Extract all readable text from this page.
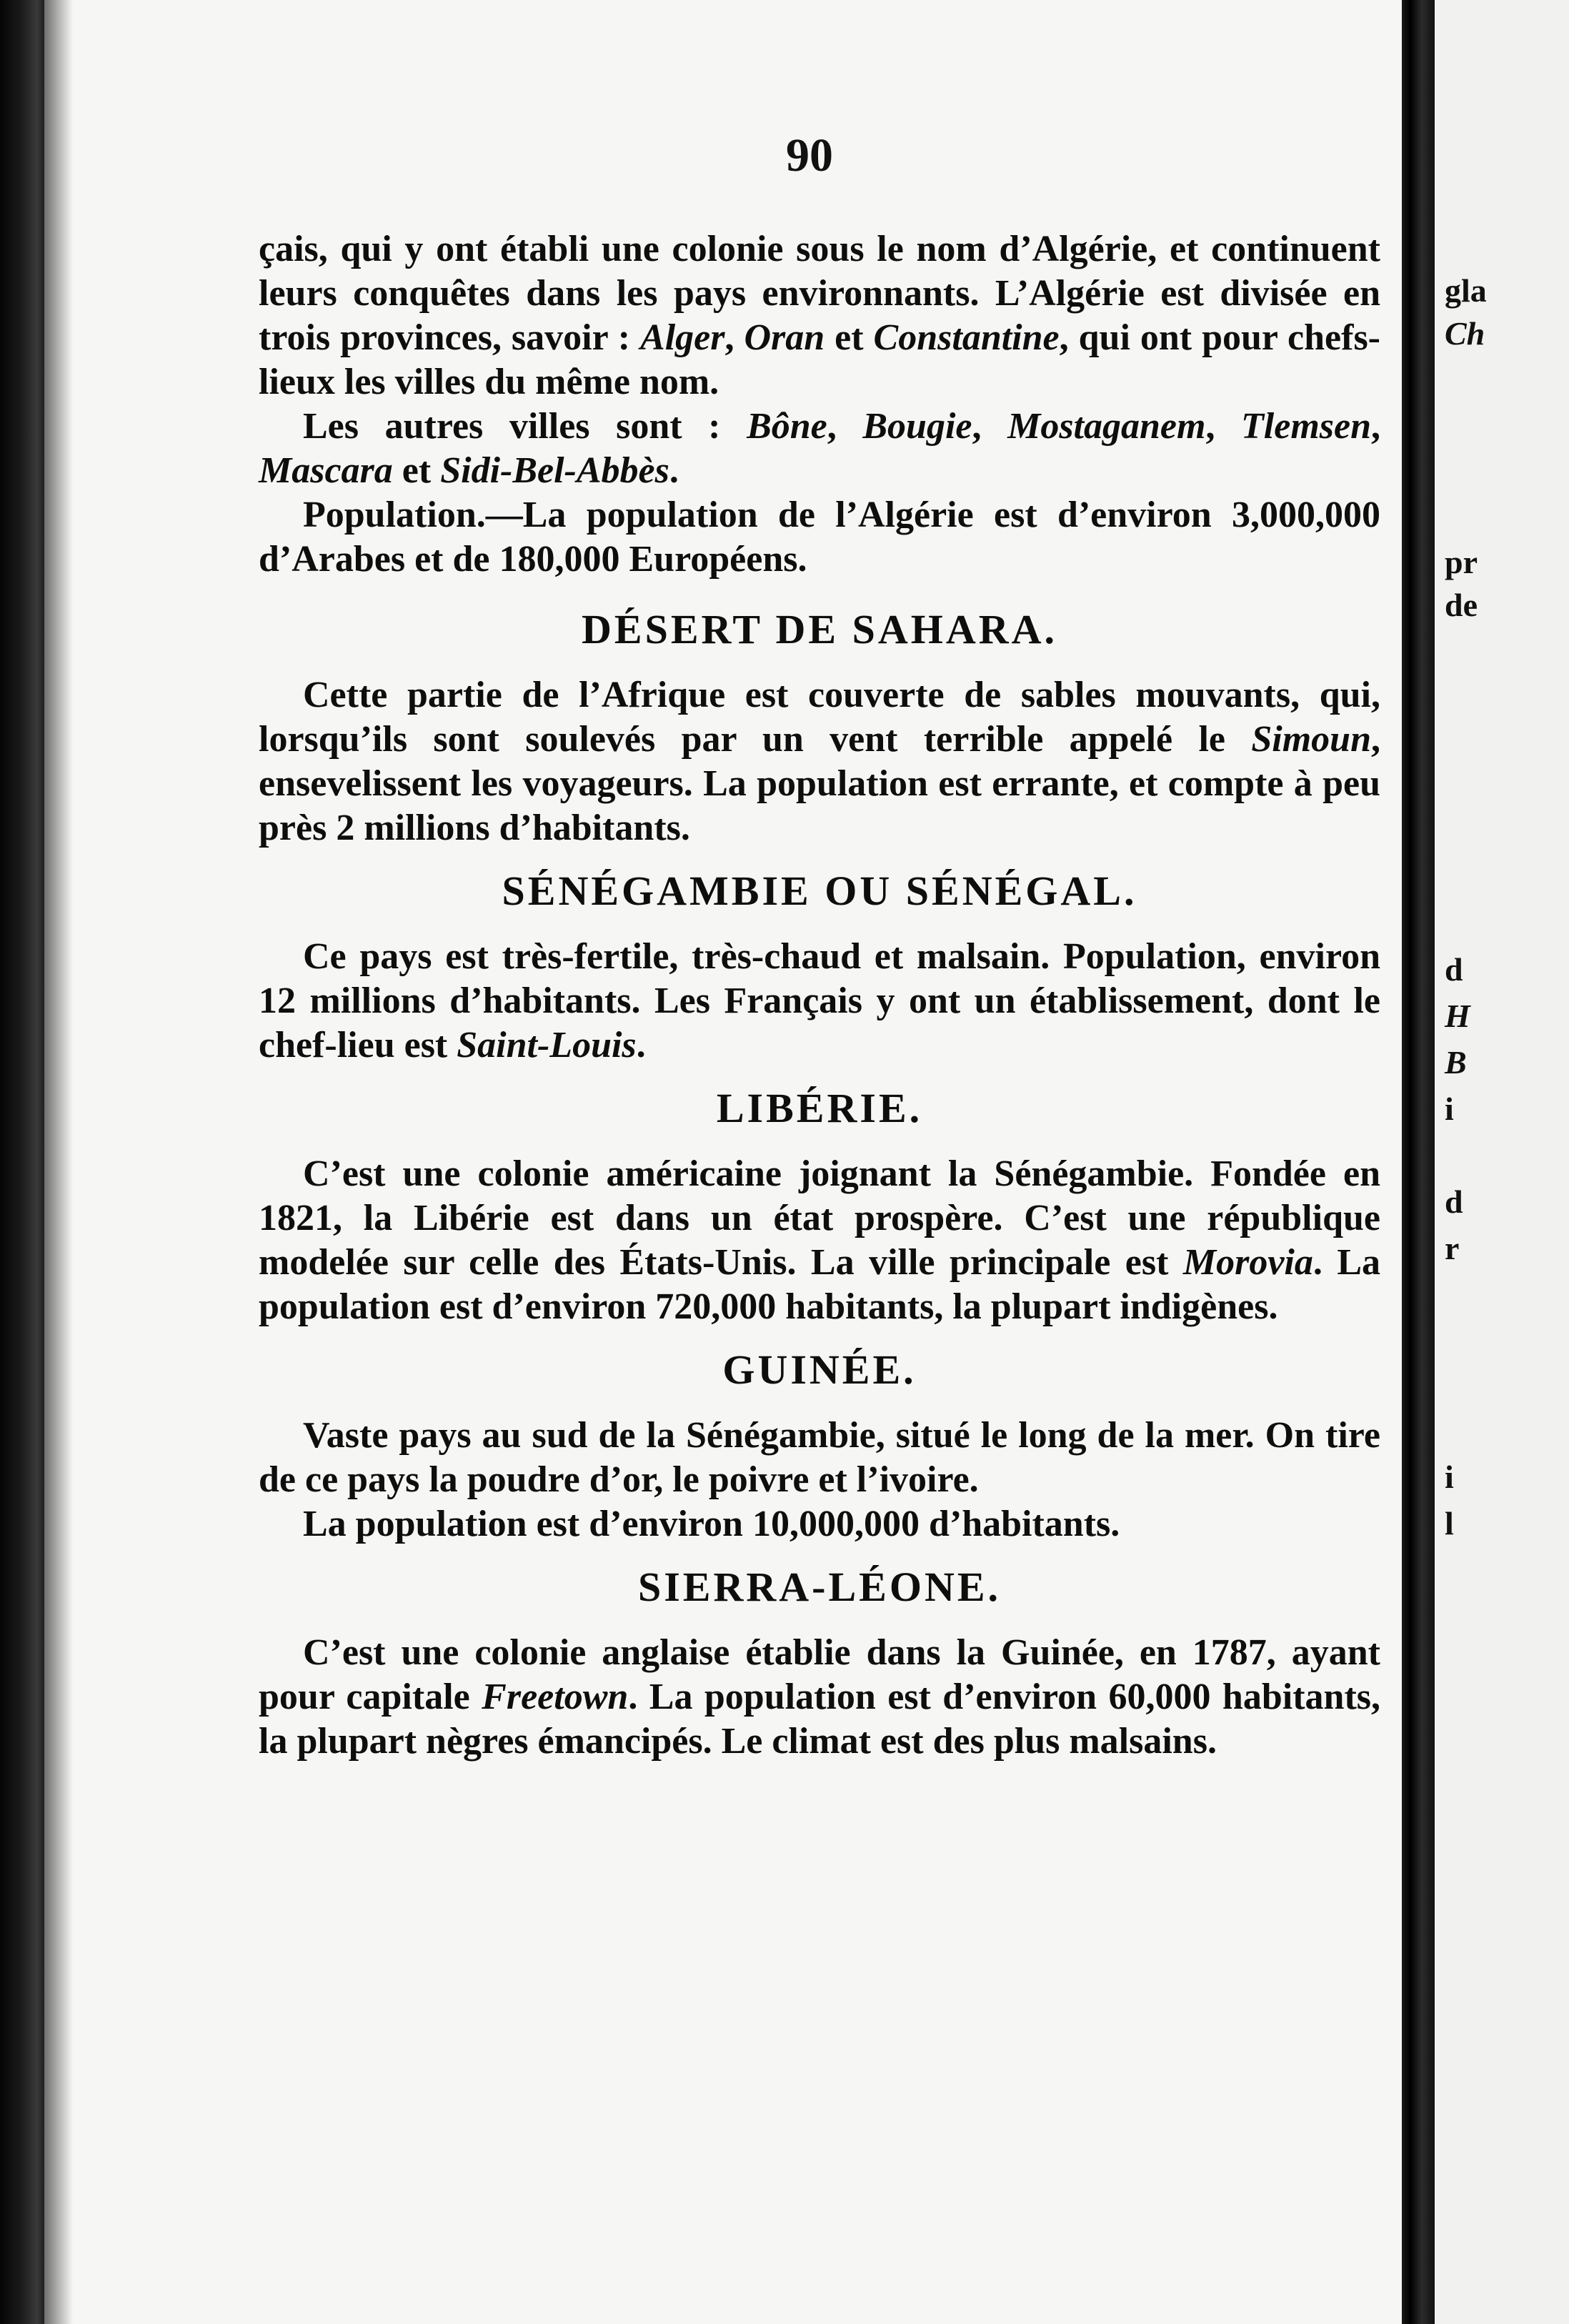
90

çais, qui y ont établi une colonie sous le nom d’Algérie, et continuent leurs conquêtes dans les pays environnants. L’Algérie est divisée en trois provinces, savoir : Alger, Oran et Constantine, qui ont pour chefs-lieux les villes du même nom.

Les autres villes sont : Bône, Bougie, Mostaganem, Tlemsen, Mascara et Sidi-Bel-Abbès.

Population.—La population de l’Algérie est d’environ 3,000,000 d’Arabes et de 180,000 Européens.

DÉSERT DE SAHARA.

Cette partie de l’Afrique est couverte de sables mouvants, qui, lorsqu’ils sont soulevés par un vent terrible appelé le Simoun, ensevelissent les voyageurs. La population est errante, et compte à peu près 2 millions d’habitants.

SÉNÉGAMBIE OU SÉNÉGAL.

Ce pays est très-fertile, très-chaud et malsain. Population, environ 12 millions d’habitants. Les Français y ont un établissement, dont le chef-lieu est Saint-Louis.

LIBÉRIE.

C’est une colonie américaine joignant la Sénégambie. Fondée en 1821, la Libérie est dans un état prospère. C’est une république modelée sur celle des États-Unis. La ville principale est Morovia. La population est d’environ 720,000 habitants, la plupart indigènes.

GUINÉE.

Vaste pays au sud de la Sénégambie, situé le long de la mer. On tire de ce pays la poudre d’or, le poivre et l’ivoire.

La population est d’environ 10,000,000 d’habitants.

SIERRA-LÉONE.

C’est une colonie anglaise établie dans la Guinée, en 1787, ayant pour capitale Freetown. La population est d’environ 60,000 habitants, la plupart nègres émancipés. Le climat est des plus malsains.

gla
Ch
pr
de
d
H
B
i
d
r
i
l
